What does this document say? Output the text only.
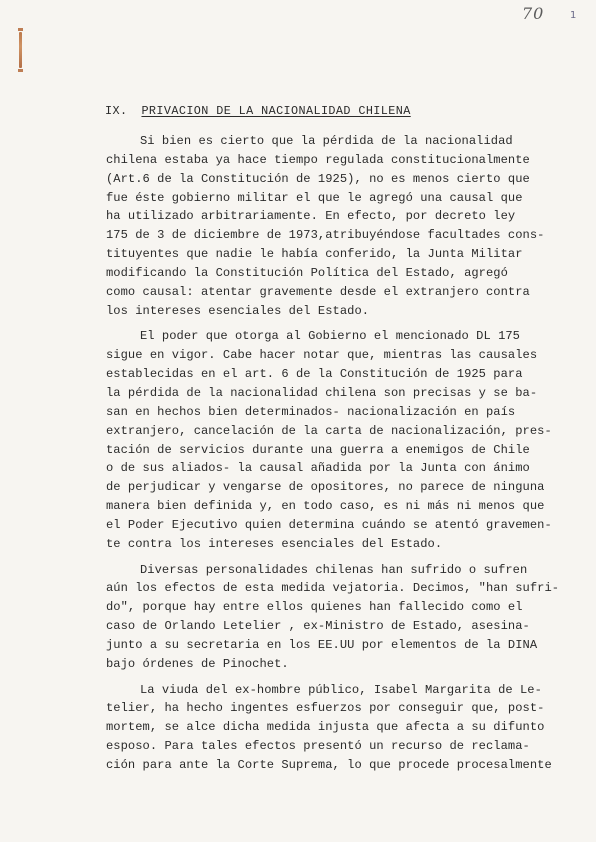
70	1
IX. PRIVACION DE LA NACIONALIDAD CHILENA
Si bien es cierto que la pérdida de la nacionalidad
chilena estaba ya hace tiempo regulada constitucionalmente
(Art.6 de la Constitución de 1925), no es menos cierto que
fue éste gobierno militar el que le agregó una causal que
ha utilizado arbitrariamente. En efecto, por decreto ley
175 de 3 de diciembre de 1973,atribuyéndose facultades cons-
tituyentes que nadie le había conferido, la Junta Militar
modificando la Constitución Política del Estado, agregó
como causal: atentar gravemente desde el extranjero contra
los intereses esenciales del Estado.
El poder que otorga al Gobierno el mencionado DL 175
sigue en vigor. Cabe hacer notar que, mientras las causales
establecidas en el art. 6 de la Constitución de 1925 para
la pérdida de la nacionalidad chilena son precisas y se ba-
san en hechos bien determinados- nacionalización en país
extranjero, cancelación de la carta de nacionalización, pres-
tación de servicios durante una guerra a enemigos de Chile
o de sus aliados- la causal añadida por la Junta con ánimo
de perjudicar y vengarse de opositores, no parece de ninguna
manera bien definida y, en todo caso, es ni más ni menos que
el Poder Ejecutivo quien determina cuándo se atentó gravemen-
te contra los intereses esenciales del Estado.
Diversas personalidades chilenas han sufrido o sufren
aún los efectos de esta medida vejatoria. Decimos, "han sufri-
do", porque hay entre ellos quienes han fallecido como el
caso de Orlando Letelier , ex-Ministro de Estado, asesina-
junto a su secretaria en los EE.UU por elementos de la DINA
bajo órdenes de Pinochet.
La viuda del ex-hombre público, Isabel Margarita de Le-
telier, ha hecho ingentes esfuerzos por conseguir que, post-
mortem, se alce dicha medida injusta que afecta a su difunto
esposo. Para tales efectos presentó un recurso de reclama-
ción para ante la Corte Suprema, lo que procede procesalmente
